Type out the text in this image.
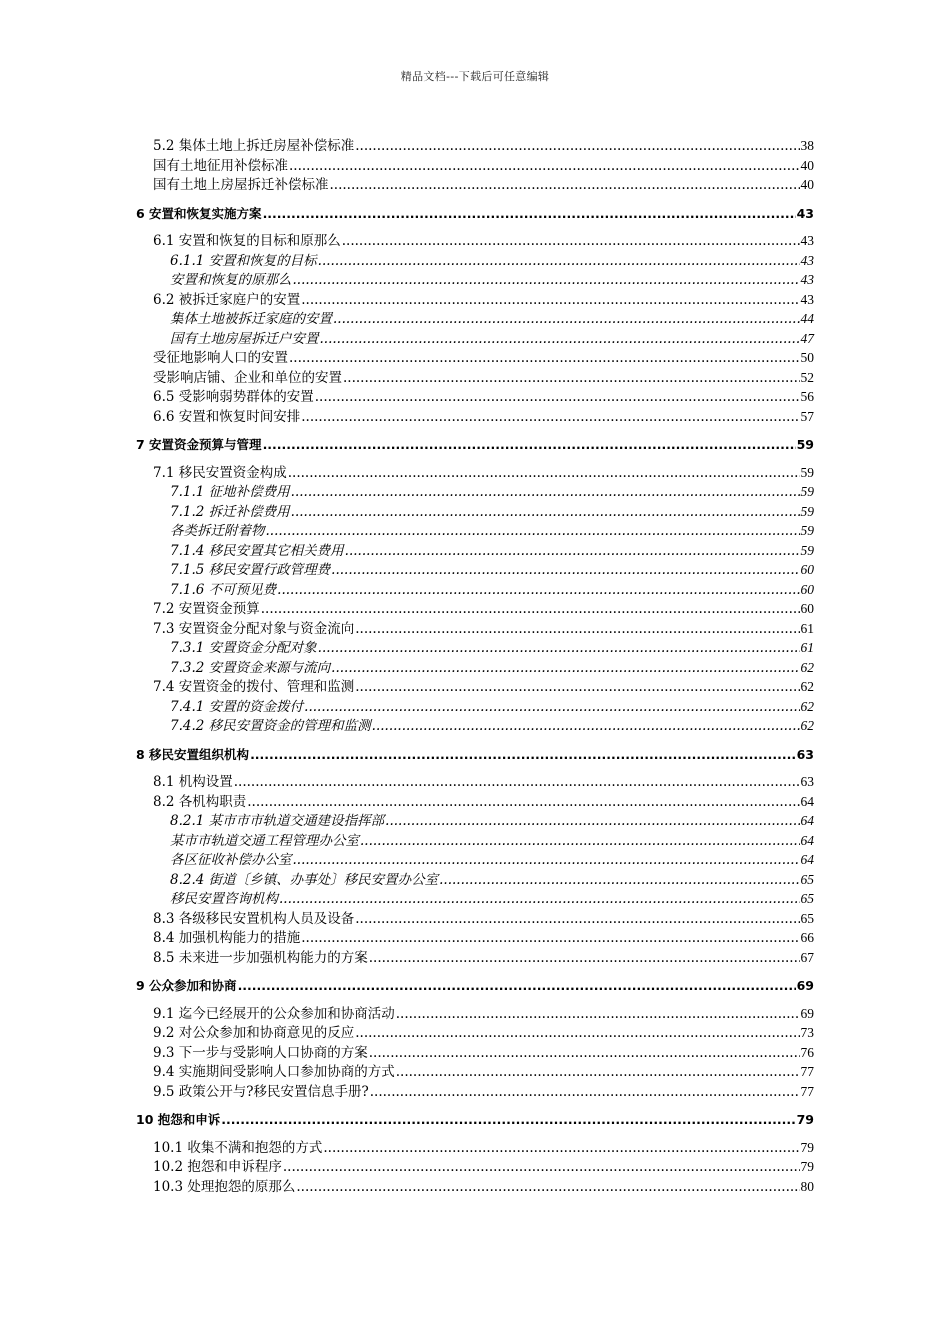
精品文档---下载后可任意编辑
5.2 集体土地上拆迁房屋补偿标准 .....	38
国有土地征用补偿标准 .....	40
国有土地上房屋拆迁补偿标准 .....	40
6 安置和恢复实施方案 .....	43
6.1 安置和恢复的目标和原那么 .....	43
6.1.1 安置和恢复的目标 .....	43
安置和恢复的原那么 .....	43
6.2 被拆迁家庭户的安置 .....	43
集体土地被拆迁家庭的安置 .....	44
国有土地房屋拆迁户安置 .....	47
受征地影响人口的安置 .....	50
受影响店铺、企业和单位的安置 .....	52
6.5 受影响弱势群体的安置 .....	56
6.6 安置和恢复时间安排 .....	57
7 安置资金预算与管理 .....	59
7.1 移民安置资金构成 .....	59
7.1.1 征地补偿费用 .....	59
7.1.2 拆迁补偿费用 .....	59
各类拆迁附着物 .....	59
7.1.4 移民安置其它相关费用 .....	59
7.1.5 移民安置行政管理费 .....	60
7.1.6 不可预见费 .....	60
7.2 安置资金预算 .....	60
7.3 安置资金分配对象与资金流向 .....	61
7.3.1 安置资金分配对象 .....	61
7.3.2 安置资金来源与流向 .....	62
7.4 安置资金的拨付、管理和监测 .....	62
7.4.1 安置的资金拨付 .....	62
7.4.2 移民安置资金的管理和监测 .....	62
8 移民安置组织机构 .....	63
8.1 机构设置 .....	63
8.2 各机构职责 .....	64
8.2.1 某市市市轨道交通建设指挥部 .....	64
某市市轨道交通工程管理办公室 .....	64
各区征收补偿办公室 .....	64
8.2.4 街道〔乡镇、办事处〕移民安置办公室 .....	65
移民安置咨询机构 .....	65
8.3 各级移民安置机构人员及设备 .....	65
8.4 加强机构能力的措施 .....	66
8.5 未来进一步加强机构能力的方案 .....	67
9 公众参加和协商 .....	69
9.1 迄今已经展开的公众参加和协商活动 .....	69
9.2 对公众参加和协商意见的反应 .....	73
9.3 下一步与受影响人口协商的方案 .....	76
9.4 实施期间受影响人口参加协商的方式 .....	77
9.5 政策公开与?移民安置信息手册? .....	77
10 抱怨和申诉 .....	79
10.1 收集不满和抱怨的方式 .....	79
10.2 抱怨和申诉程序 .....	79
10.3 处理抱怨的原那么 .....	80
